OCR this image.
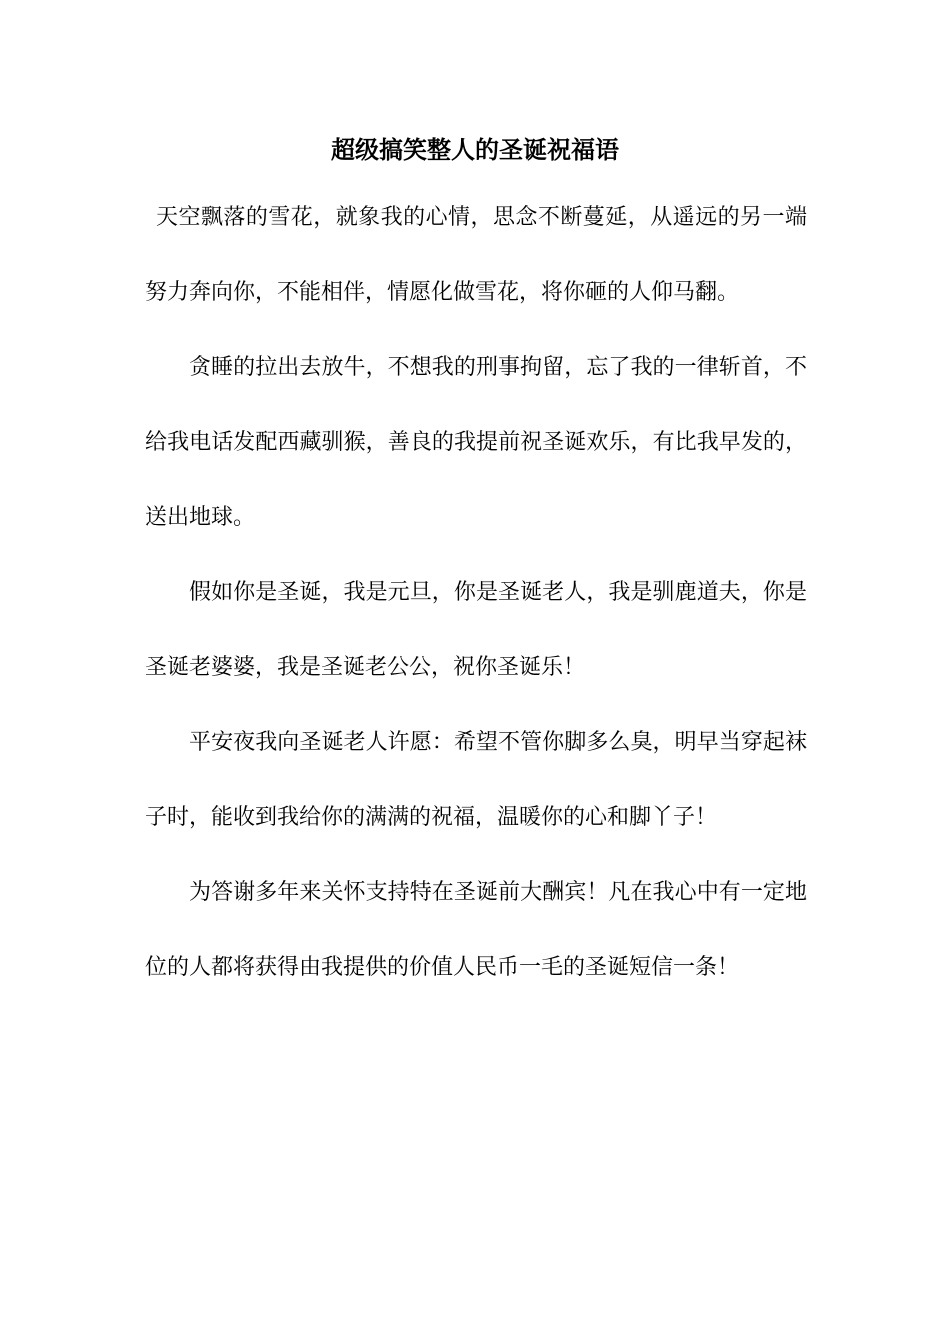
超级搞笑整人的圣诞祝福语

天空飘落的雪花，就象我的心情，思念不断蔓延，从遥远的另一端努力奔向你，不能相伴，情愿化做雪花，将你砸的人仰马翻。

贪睡的拉出去放牛，不想我的刑事拘留，忘了我的一律斩首，不给我电话发配西藏驯猴，善良的我提前祝圣诞欢乐，有比我早发的，送出地球。

假如你是圣诞，我是元旦，你是圣诞老人，我是驯鹿道夫，你是圣诞老婆婆，我是圣诞老公公，祝你圣诞乐！

平安夜我向圣诞老人许愿：希望不管你脚多么臭，明早当穿起袜子时，能收到我给你的满满的祝福，温暖你的心和脚丫子！

为答谢多年来关怀支持特在圣诞前大酬宾！凡在我心中有一定地位的人都将获得由我提供的价值人民币一毛的圣诞短信一条！
